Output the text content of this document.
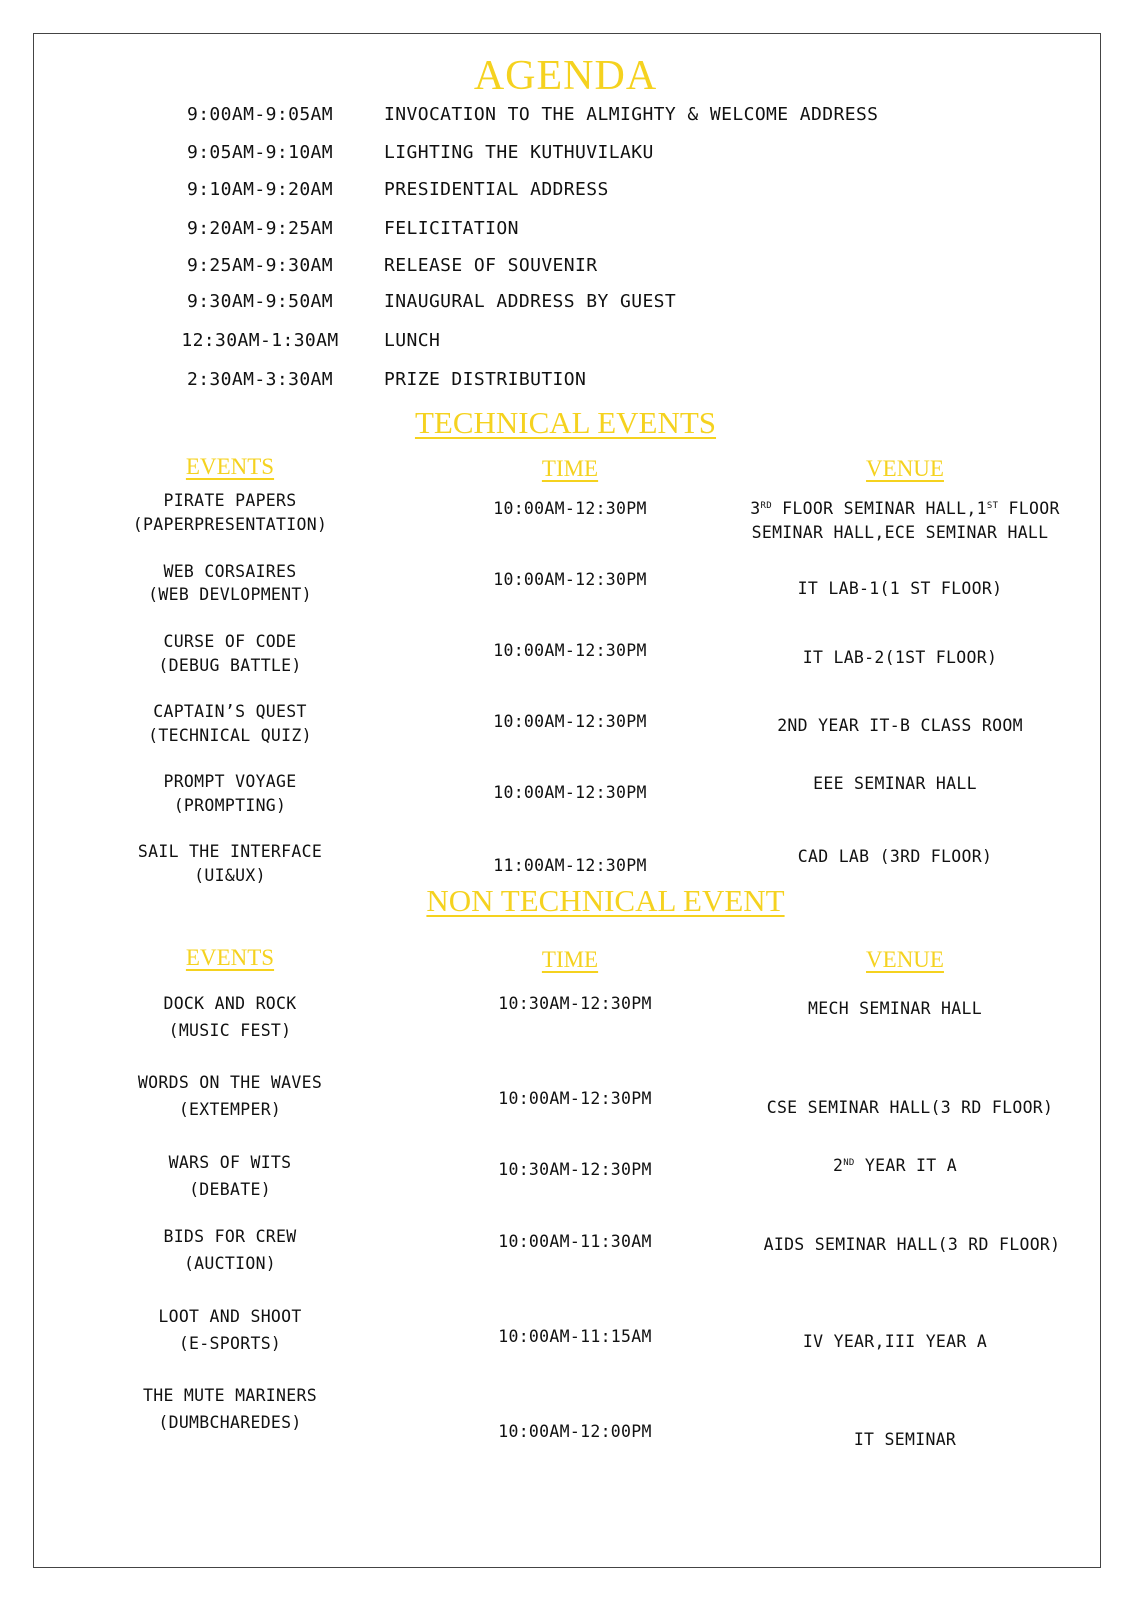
AGENDA
9:00AM-9:05AM	INVOCATION TO THE ALMIGHTY & WELCOME ADDRESS
9:05AM-9:10AM	LIGHTING THE KUTHUVILAKU
9:10AM-9:20AM	PRESIDENTIAL ADDRESS
9:20AM-9:25AM	FELICITATION
9:25AM-9:30AM	RELEASE OF SOUVENIR
9:30AM-9:50AM	INAUGURAL ADDRESS BY GUEST
12:30AM-1:30AM	LUNCH
2:30AM-3:30AM	PRIZE DISTRIBUTION
TECHNICAL EVENTS
EVENTS	TIME	VENUE
PIRATE PAPERS
(PAPERPRESENTATION)
10:00AM-12:30PM	3RD FLOOR SEMINAR HALL,1ST FLOOR
SEMINAR HALL,ECE SEMINAR HALL
WEB CORSAIRES
(WEB DEVLOPMENT)
10:00AM-12:30PM	IT LAB-1(1 ST FLOOR)
CURSE OF CODE
(DEBUG BATTLE)
10:00AM-12:30PM	IT LAB-2(1ST FLOOR)
CAPTAIN’S QUEST
(TECHNICAL QUIZ)
10:00AM-12:30PM	2ND YEAR IT-B CLASS ROOM
PROMPT VOYAGE
(PROMPTING)
10:00AM-12:30PM	EEE SEMINAR HALL
SAIL THE INTERFACE
(UI&UX)
11:00AM-12:30PM	CAD LAB (3RD FLOOR)
NON TECHNICAL EVENT
EVENTS	TIME	VENUE
DOCK AND ROCK
(MUSIC FEST)
10:30AM-12:30PM	MECH SEMINAR HALL
WORDS ON THE WAVES
(EXTEMPER)
10:00AM-12:30PM	CSE SEMINAR HALL(3 RD FLOOR)
WARS OF WITS
(DEBATE)
10:30AM-12:30PM	2ND YEAR IT A
BIDS FOR CREW
(AUCTION)
10:00AM-11:30AM	AIDS SEMINAR HALL(3 RD FLOOR)
LOOT AND SHOOT
(E-SPORTS)	10:00AM-11:15AM	IV YEAR,III YEAR A
THE MUTE MARINERS
(DUMBCHAREDES)	10:00AM-12:00PM	IT SEMINAR
